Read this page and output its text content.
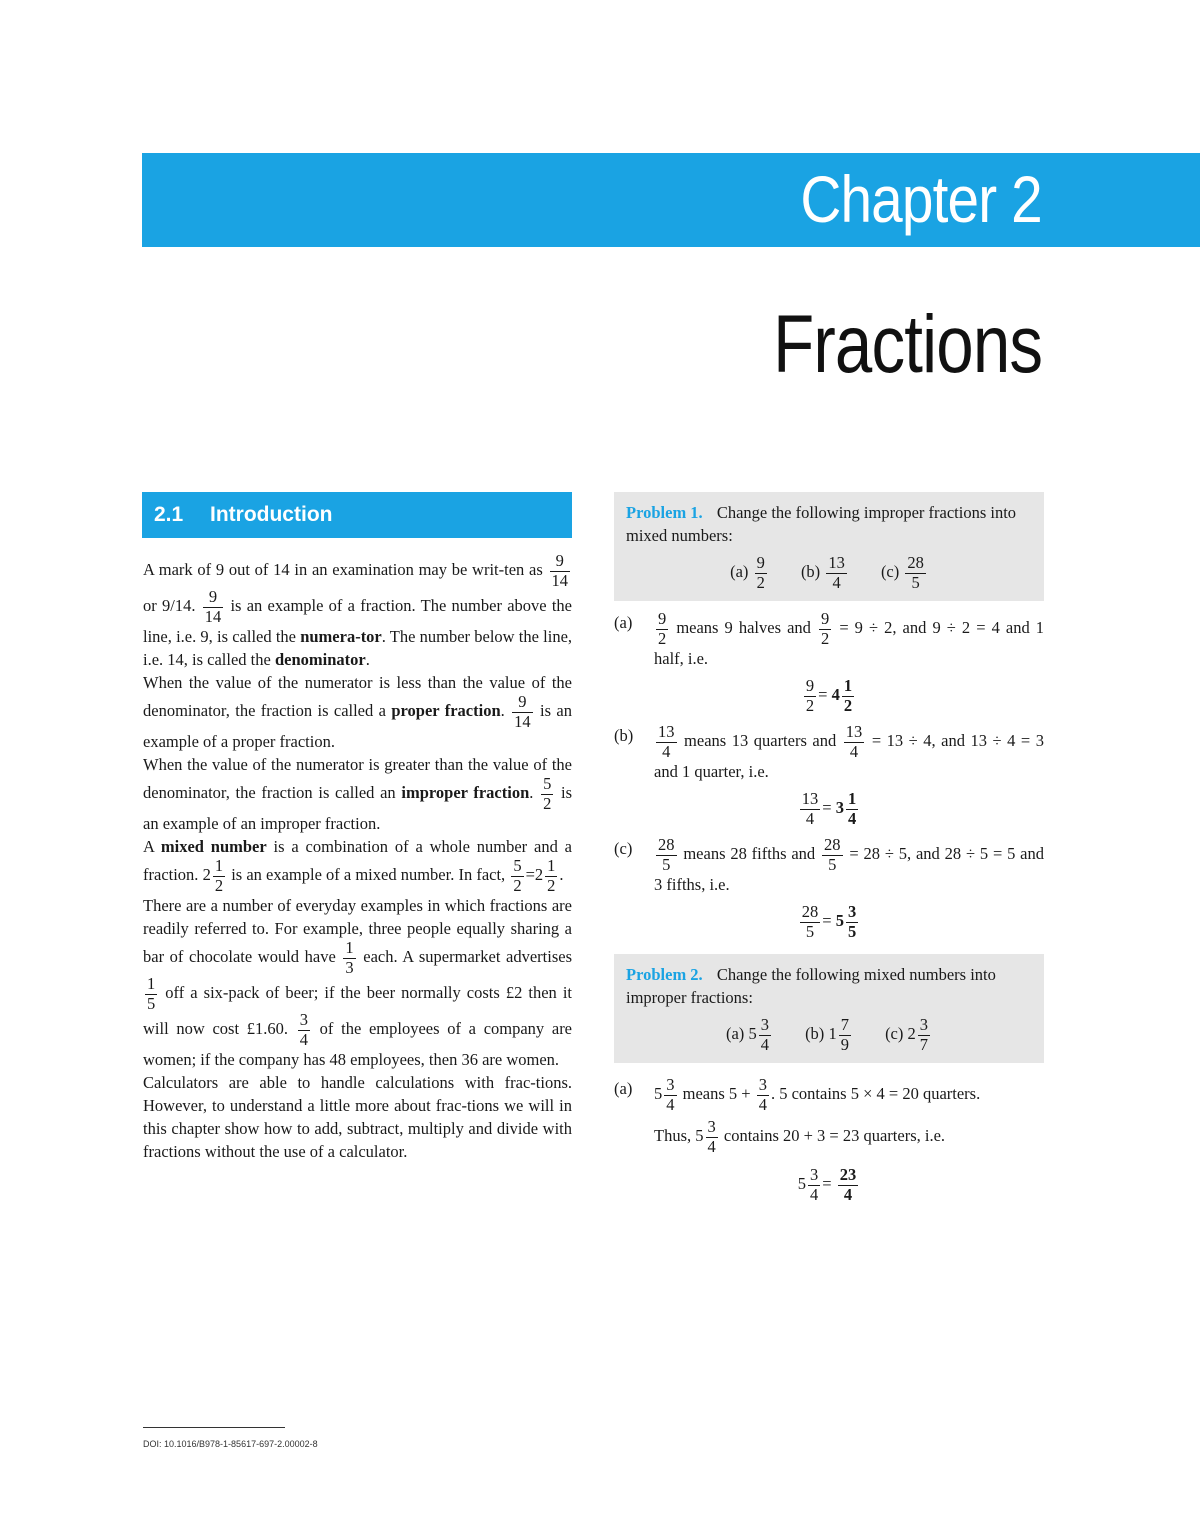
Chapter 2
Fractions
2.1 Introduction

A mark of 9 out of 14 in an examination may be writ-ten as $\frac{9}{14}$
or 9/14. $\frac{9}{14}$ is an example of a fraction. The number above the line, i.e. 9, is called the numera-tor. The number below the line, i.e. 14, is called the denominator.

When the value of the numerator is less than the value of the denominator, the fraction is called a proper fraction. $\frac{9}{14}$ is an example of a proper fraction.

When the value of the numerator is greater than the value of the denominator, the fraction is called an improper fraction. $\frac{5}{2}$ is an example of an improper fraction.

A mixed number is a combination of a whole number and a fraction. $2 \frac{1}{2}$ is an example of a mixed number. In fact, $\frac{5}{2} =2 \frac{1}{2}$ .

There are a number of everyday examples in which fractions are readily referred to. For example, three people equally sharing a bar of chocolate would have $\frac{1}{3}$ each. A supermarket advertises
$\frac{1}{5}$ off a six-pack of beer; if the beer normally costs £2 then it will now cost £1.60. $\frac{3}{4}$ of the employees of a company are women; if the company has 48 employees, then 36 are women.

Calculators are able to handle calculations with frac-tions. However, to understand a little more about frac-tions we will in this chapter show how to add, subtract, multiply and divide with fractions without the use of a calculator.

Problem 1. Change the following improper fractions into mixed numbers:
$(a) \frac{9}{2} (b) \frac{13}{4} (c) \frac{28}{5}$
(a)	$\frac{9}{2}$ means 9 halves and $\frac{9}{2} = 9 \div 2$, and 9 ÷ 2 = 4 and 1 half, i.e.
$\frac{9}{2} = 4 \frac{1}{2}$
(b)	$\frac{13}{4}$ means 13 quarters and $\frac{13}{4} = 13 \div 4$, and 13 ÷ 4 = 3 and 1 quarter, i.e.
$\frac{13}{4} = 3 \frac{1}{4}$
(c)	$\frac{28}{5}$ means 28 fifths and $\frac{28}{5} = 28 \div 5$, and 28 ÷ 5 = 5 and 3 fifths, i.e.
$\frac{28}{5} = 5 \frac{3}{5}$
Problem 2. Change the following mixed numbers into improper fractions:
(a) $5 \frac{3}{4} (b)$ $1 \frac{7}{9} (c)$ $2 \frac{3}{7}$
(a)	$5 \frac{3}{4}$ means $5 + \frac{3}{4}$ . 5 contains 5 × 4 = 20 quarters.
Thus, $5 \frac{3}{4}$ contains 20 + 3 = 23 quarters, i.e.
$5 \frac{3}{4} = \frac{23}{4}$
DOI: 10.1016/B978-1-85617-697-2.00002-8
